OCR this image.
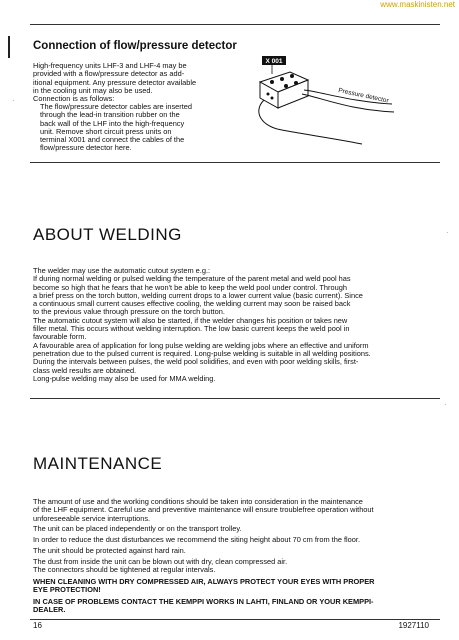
www.maskinisten.net
Connection of flow/pressure detector

High-frequency units LHF-3 and LHF-4 may be
provided with a flow/pressure detector as add-
itional equipment. Any pressure detector available
in the cooling unit may also be used.
Connection is as follows:

The flow/pressure detector cables are inserted
through the lead-in transition rubber on the
back wall of the LHF into the high-frequency
unit. Remove short circuit press units on
terminal X001 and connect the cables of the
flow/pressure detector here.

X 001
Pressure detector
ABOUT WELDING

The welder may use the automatic cutout system e.g.:
If during normal welding or pulsed welding the temperature of the parent metal and weld pool has
become so high that he fears that he won't be able to keep the weld pool under control. Through
a brief press on the torch button, welding current drops to a lower current value (basic current). Since
a continuous small current causes effective cooling, the welding current may soon be raised back
to the previous value through pressure on the torch button.
The automatic cutout system will also be started, if the welder changes his position or takes new
filler metal. This occurs without welding interruption. The low basic current keeps the weld pool in
favourable form.
A favourable area of application for long pulse welding are welding jobs where an effective and uniform
penetration due to the pulsed current is required. Long-pulse welding is suitable in all welding positions.
During the intervals between pulses, the weld pool solidifies, and even with poor welding skills, first-
class weld results are obtained.
Long-pulse welding may also be used for MMA welding.

MAINTENANCE

The amount of use and the working conditions should be taken into consideration in the maintenance
of the LHF equipment. Careful use and preventive maintenance will ensure troublefree operation without
unforeseeable service interruptions.

The unit can be placed independently or on the transport trolley.

In order to reduce the dust disturbances we recommend the siting height about 70 cm from the floor.

The unit should be protected against hard rain.

The dust from inside the unit can be blown out with dry, clean compressed air.
The connectors should be tightened at regular intervals.

WHEN CLEANING WITH DRY COMPRESSED AIR, ALWAYS PROTECT YOUR EYES WITH PROPER
EYE PROTECTION!

IN CASE OF PROBLEMS CONTACT THE KEMPPI WORKS IN LAHTI, FINLAND OR YOUR KEMPPI-
DEALER.

16	1927110
·
·
·
